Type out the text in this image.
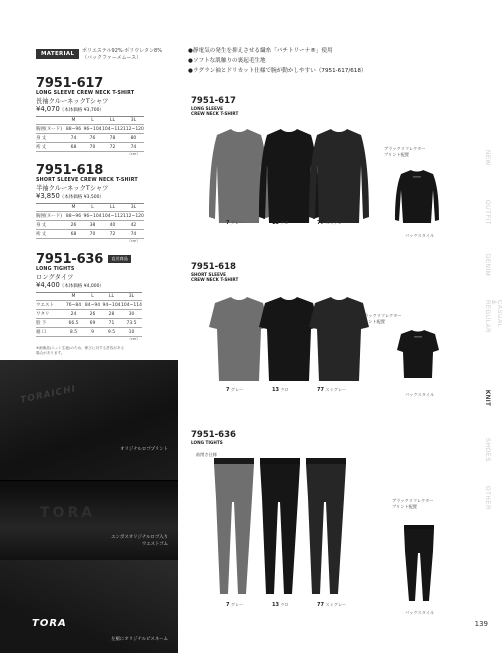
MATERIAL	ポリエステル92%·ポリウレタン8%
（バックファーメムース）
●静電気の発生を抑えさせる繊糸「パチトリーナ®」使用
●ソフトな肌触りの裏起毛生地
●ラグラン袖とドリカット仕様で腕が動かしやすい（7951-617/618）
7951-617
LONG SLEEVE CREW NECK T-SHIRT
長袖クルーネックTシャツ
¥4,070（本体価格 ¥3,700）
	M	L	LL	3L
胸囲(ヌード)	88~96	96~104	104~112	112~120
身 丈	74	76	78	80
裄 丈	68	70	72	74
（cm）
7951-618
SHORT SLEEVE CREW NECK T-SHIRT
半袖クルーネックTシャツ
¥3,850（本体価格 ¥3,500）
	M	L	LL	3L
胸囲(ヌード)	88~96	96~104	104~112	112~120
身 丈	26	38	40	42
裄 丈	68	70	72	74
（cm）
7951-636 直送商品
LONG TIGHTS
ロングタイツ
¥4,400（本体価格 ¥4,000）
	M	L	LL	3L
ウエスト	76~84	84~94	94~104	104~114
ワタリ	24	26	28	30
股 下	66.5	69	71	73.5
裾 口	8.5	9	9.5	10
（cm）
※画像品(ニット生地)のため、伸びに対する許容がある
場合があります。
TORAICHI
TORA
TORA
オリジナルロゴプリント
エンボスオリジナルロゴ入り
ウエストゴム
左裾にオリジナルピスネーム
7951-617
LONG SLEEVE
CREW NECK T-SHIRT
7 グレー	13 クロ	77 スミグレー
ブラックリフレクター
プリント配置
バックスタイル
7951-618
SHORT SLEEVE
CREW NECK T-SHIRT
7 グレー	13 クロ	77 スミグレー
ブラックリフレクター
プリント配置
バックスタイル
7951-636
LONG TIGHTS
前閉さ仕様
7 グレー	13 クロ	77 スミグレー
ブラックリフレクター
プリント配置
バックスタイル
NEW
OUTFIT
DENIM
CASUAL & REGULAR
KNIT
SHOES
OTHER
139
